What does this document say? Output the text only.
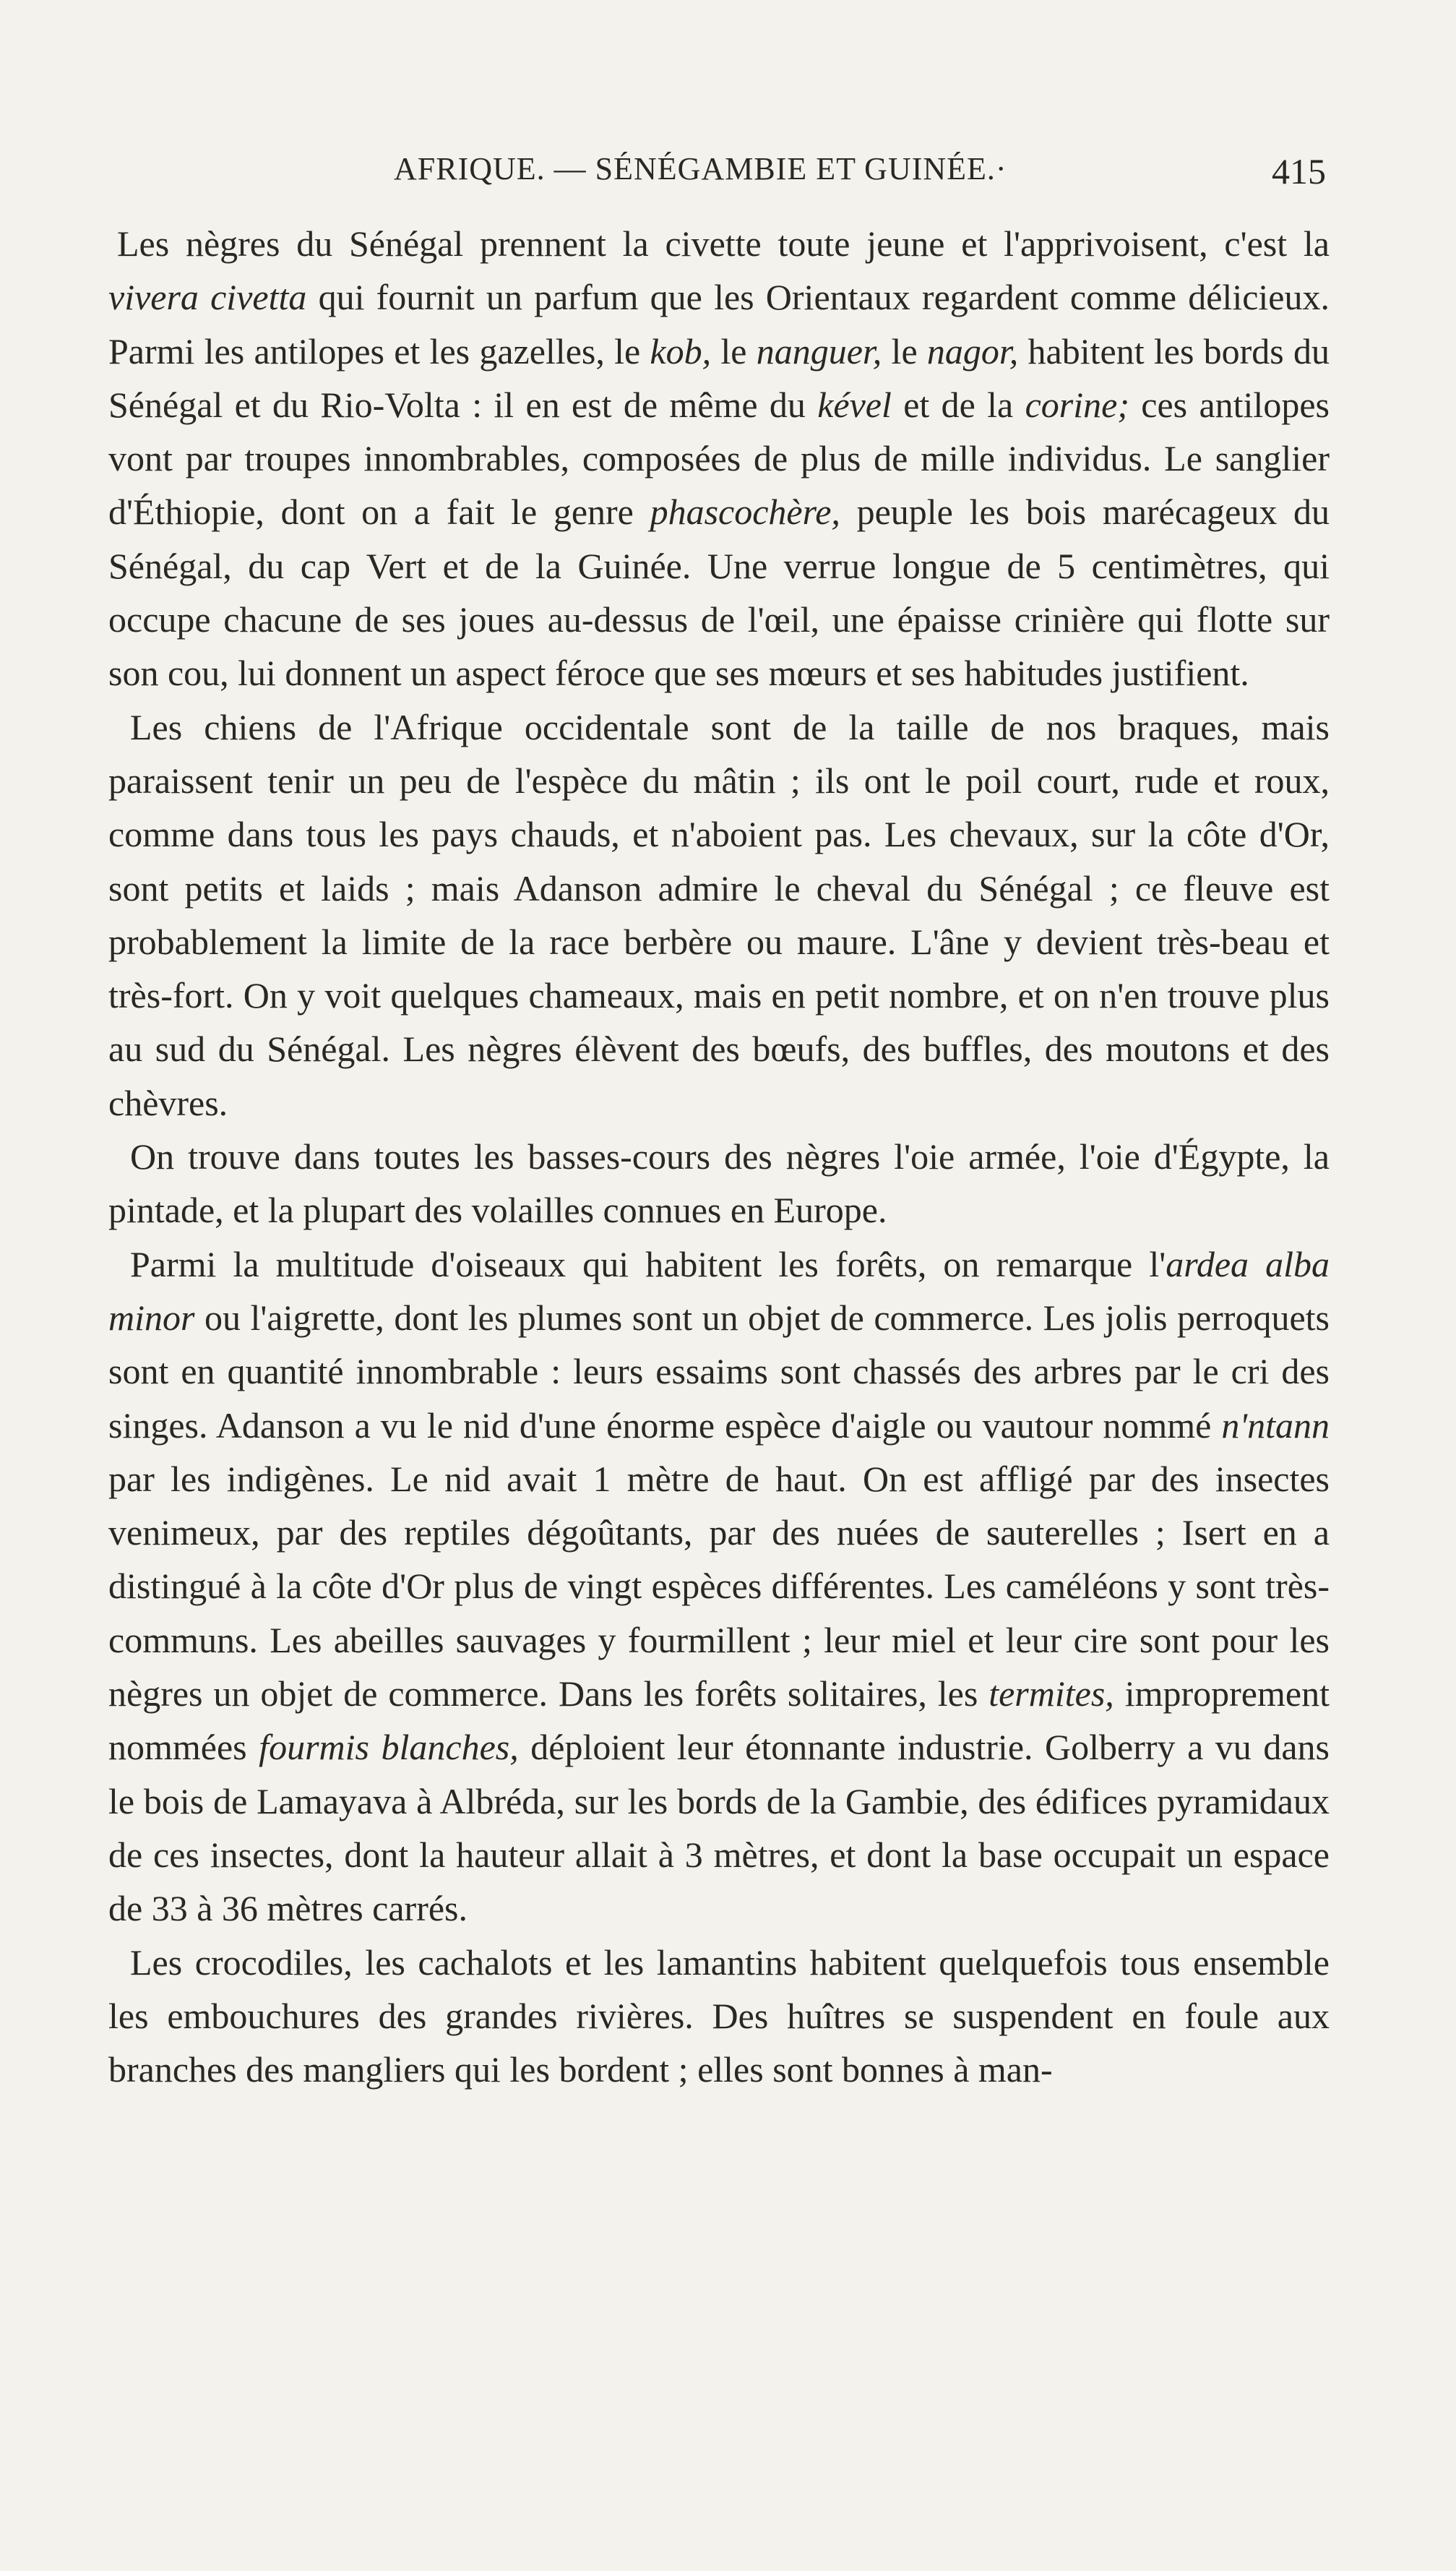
AFRIQUE. — SÉNÉGAMBIE ET GUINÉE.·	415

Les nègres du Sénégal prennent la civette toute jeune et l'apprivoisent, c'est la vivera civetta qui fournit un parfum que les Orientaux regardent comme délicieux. Parmi les antilopes et les gazelles, le kob, le nanguer, le nagor, habitent les bords du Sénégal et du Rio-Volta : il en est de même du kével et de la corine; ces antilopes vont par troupes innombrables, composées de plus de mille individus. Le sanglier d'Éthiopie, dont on a fait le genre phascochère, peuple les bois marécageux du Sénégal, du cap Vert et de la Guinée. Une verrue longue de 5 centimètres, qui occupe chacune de ses joues au-dessus de l'œil, une épaisse crinière qui flotte sur son cou, lui donnent un aspect féroce que ses mœurs et ses habitudes justifient.

Les chiens de l'Afrique occidentale sont de la taille de nos braques, mais paraissent tenir un peu de l'espèce du mâtin ; ils ont le poil court, rude et roux, comme dans tous les pays chauds, et n'aboient pas. Les chevaux, sur la côte d'Or, sont petits et laids ; mais Adanson admire le cheval du Sénégal ; ce fleuve est probablement la limite de la race berbère ou maure. L'âne y devient très-beau et très-fort. On y voit quelques chameaux, mais en petit nombre, et on n'en trouve plus au sud du Sénégal. Les nègres élèvent des bœufs, des buffles, des moutons et des chèvres.

On trouve dans toutes les basses-cours des nègres l'oie armée, l'oie d'Égypte, la pintade, et la plupart des volailles connues en Europe.

Parmi la multitude d'oiseaux qui habitent les forêts, on remarque l'ardea alba minor ou l'aigrette, dont les plumes sont un objet de commerce. Les jolis perroquets sont en quantité innombrable : leurs essaims sont chassés des arbres par le cri des singes. Adanson a vu le nid d'une énorme espèce d'aigle ou vautour nommé n'ntann par les indigènes. Le nid avait 1 mètre de haut. On est affligé par des insectes venimeux, par des reptiles dégoûtants, par des nuées de sauterelles ; Isert en a distingué à la côte d'Or plus de vingt espèces différentes. Les caméléons y sont très-communs. Les abeilles sauvages y fourmillent ; leur miel et leur cire sont pour les nègres un objet de commerce. Dans les forêts solitaires, les termites, improprement nommées fourmis blanches, déploient leur étonnante industrie. Golberry a vu dans le bois de Lamayava à Albréda, sur les bords de la Gambie, des édifices pyramidaux de ces insectes, dont la hauteur allait à 3 mètres, et dont la base occupait un espace de 33 à 36 mètres carrés.

Les crocodiles, les cachalots et les lamantins habitent quelquefois tous ensemble les embouchures des grandes rivières. Des huîtres se suspendent en foule aux branches des mangliers qui les bordent ; elles sont bonnes à man-
